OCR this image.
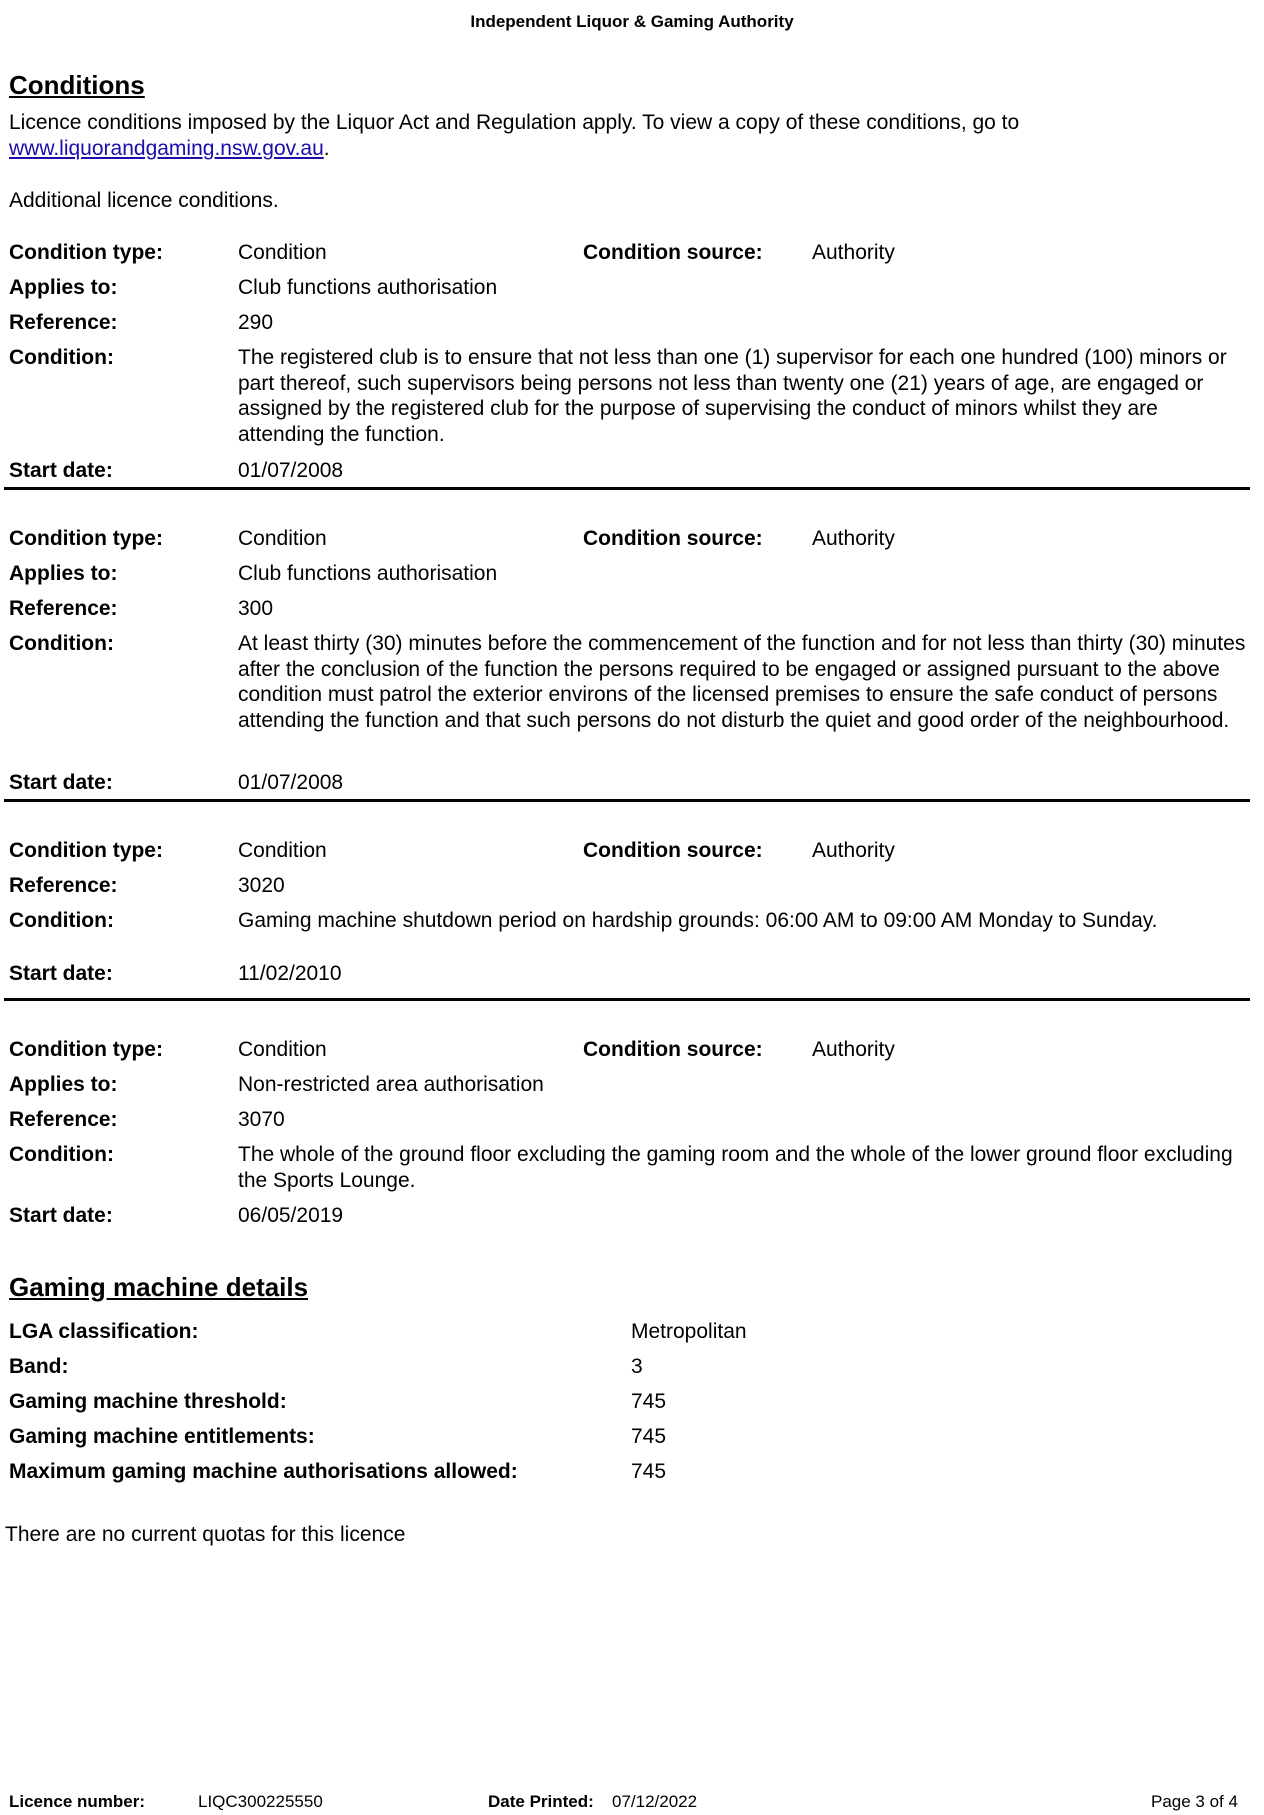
Independent Liquor & Gaming Authority
Conditions
Licence conditions imposed by the Liquor Act and Regulation apply. To view a copy of these conditions, go to
www.liquorandgaming.nsw.gov.au.
Additional licence conditions.
Condition type:	Condition	Condition source: Authority
Applies to:	Club functions authorisation
Reference:	290
Condition:	The registered club is to ensure that not less than one (1) supervisor for each one hundred (100) minors or part thereof, such supervisors being persons not less than twenty one (21) years of age, are engaged or assigned by the registered club for the purpose of supervising the conduct of minors whilst they are attending the function.
Start date:	01/07/2008
Condition type:	Condition	Condition source: Authority
Applies to:	Club functions authorisation
Reference:	300
Condition:	At least thirty (30) minutes before the commencement of the function and for not less than thirty (30) minutes after the conclusion of the function the persons required to be engaged or assigned pursuant to the above condition must patrol the exterior environs of the licensed premises to ensure the safe conduct of persons attending the function and that such persons do not disturb the quiet and good order of the neighbourhood.
Start date:	01/07/2008
Condition type:	Condition	Condition source: Authority
Reference:	3020
Condition:	Gaming machine shutdown period on hardship grounds: 06:00 AM to 09:00 AM Monday to Sunday.
Start date:	11/02/2010
Condition type:	Condition	Condition source: Authority
Applies to:	Non-restricted area authorisation
Reference:	3070
Condition:	The whole of the ground floor excluding the gaming room and the whole of the lower ground floor excluding the Sports Lounge.
Start date:	06/05/2019
Gaming machine details
LGA classification:	Metropolitan
Band:	3
Gaming machine threshold:	745
Gaming machine entitlements:	745
Maximum gaming machine authorisations allowed:	745
There are no current quotas for this licence
Licence number:	LIQC300225550	Date Printed: 07/12/2022	Page 3 of 4
